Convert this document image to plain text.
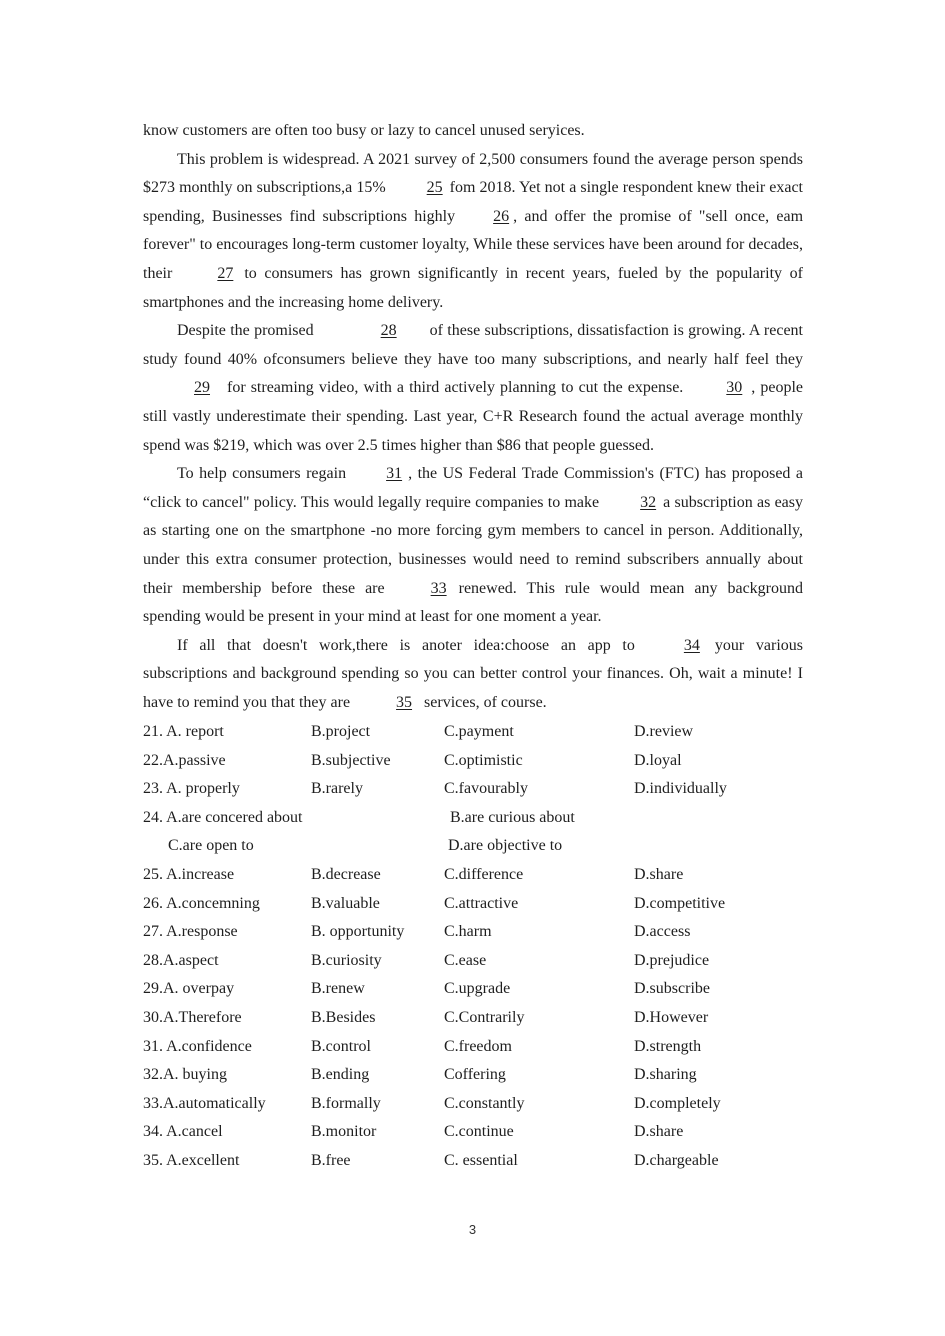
know customers are often too busy or lazy to cancel unused seryices.

This problem is widespread. A 2021 survey of 2,500 consumers found the average person spends $273 monthly on subscriptions,a 15%	25 fom 2018. Yet not a single respondent knew their exact spending, Businesses find subscriptions highly 26 , and offer the promise of "sell once, eam forever" to encourages long-term customer loyalty, While these services have been around for decades, their	27 to consumers has grown significantly in recent years, fueled by the popularity of smartphones and the increasing home delivery.

Despite the promised	28 of these subscriptions, dissatisfaction is growing. A recent study found 40% ofconsumers believe they have too many subscriptions, and nearly half feel they29 for streaming video, with a third actively planning to cut the expense.	30 , people still vastly underestimate their spending. Last year, C+R Research found the actual average monthly spend was $219, which was over 2.5 times higher than $86 that people guessed.

To help consumers regain	31 , the US Federal Trade Commission's (FTC) has proposed a “click to cancel" policy. This would legally require companies to make	32 a subscription as easy as starting one on the smartphone -no more forcing gym members to cancel in person. Additionally, under this extra consumer protection, businesses would need to remind subscribers annually about their membership before these are	33 renewed. This rule would mean any background spending would be present in your mind at least for one moment a year.

If all that doesn't work,there is anoter idea:choose an app to	34 your various subscriptions and background spending so you can better control your finances. Oh, wait a minute! I have to remind you that they are	35 services, of course.

21. A. report	B.project	C.payment	D.review
22.A.passive	B.subjective	C.optimistic	D.loyal
23. A. properly	B.rarely	C.favourably	D.individually
24. A.are concered about	B.are curious about
C.are open to	D.are objective to
25. A.increase	B.decrease	C.difference	D.share
26. A.concemning	B.valuable	C.attractive	D.competitive
27. A.response	B. opportunity C.harm	D.access
28.A.aspect	B.curiosity	C.ease	D.prejudice
29.A. overpay	B.renew	C.upgrade	D.subscribe
30.A.Therefore	B.Besides	C.Contrarily	D.However
31. A.confidence	B.control	C.freedom	D.strength
32.A. buying	B.ending	Coffering	D.sharing
33.A.automatically	B.formally	C.constantly	D.completely
34. A.cancel	B.monitor	C.continue	D.share
35. A.excellent	B.free	C. essential	D.chargeable
3
